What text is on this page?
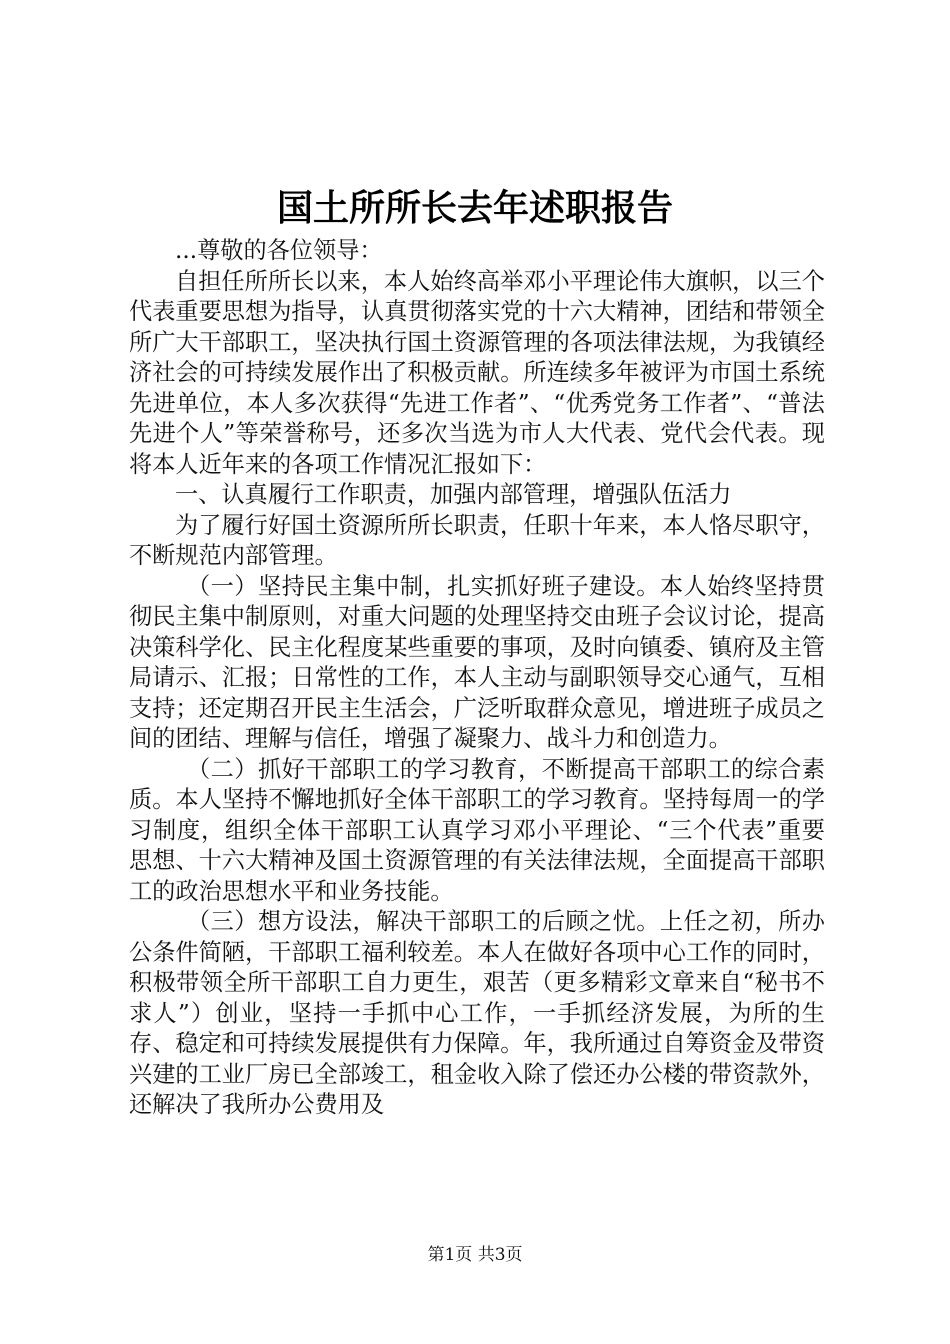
国土所所长去年述职报告

...尊敬的各位领导：

自担任所所长以来，本人始终高举邓小平理论伟大旗帜，以三个代表重要思想为指导，认真贯彻落实党的十六大精神，团结和带领全所广大干部职工，坚决执行国土资源管理的各项法律法规，为我镇经济社会的可持续发展作出了积极贡献。所连续多年被评为市国土系统先进单位，本人多次获得“先进工作者”、“优秀党务工作者”、“普法先进个人”等荣誉称号，还多次当选为市人大代表、党代会代表。现将本人近年来的各项工作情况汇报如下：

一、认真履行工作职责，加强内部管理，增强队伍活力

为了履行好国土资源所所长职责，任职十年来，本人恪尽职守，不断规范内部管理。

（一）坚持民主集中制，扎实抓好班子建设。本人始终坚持贯彻民主集中制原则，对重大问题的处理坚持交由班子会议讨论，提高决策科学化、民主化程度某些重要的事项，及时向镇委、镇府及主管局请示、汇报；日常性的工作，本人主动与副职领导交心通气，互相支持；还定期召开民主生活会，广泛听取群众意见，增进班子成员之间的团结、理解与信任，增强了凝聚力、战斗力和创造力。

（二）抓好干部职工的学习教育，不断提高干部职工的综合素质。本人坚持不懈地抓好全体干部职工的学习教育。坚持每周一的学习制度，组织全体干部职工认真学习邓小平理论、“三个代表”重要思想、十六大精神及国土资源管理的有关法律法规，全面提高干部职工的政治思想水平和业务技能。

（三）想方设法，解决干部职工的后顾之忧。上任之初，所办公条件简陋，干部职工福利较差。本人在做好各项中心工作的同时，积极带领全所干部职工自力更生，艰苦（更多精彩文章来自“秘书不求人”）创业，坚持一手抓中心工作，一手抓经济发展，为所的生存、稳定和可持续发展提供有力保障。年，我所通过自筹资金及带资兴建的工业厂房已全部竣工，租金收入除了偿还办公楼的带资款外，还解决了我所办公费用及

第1页 共3页
